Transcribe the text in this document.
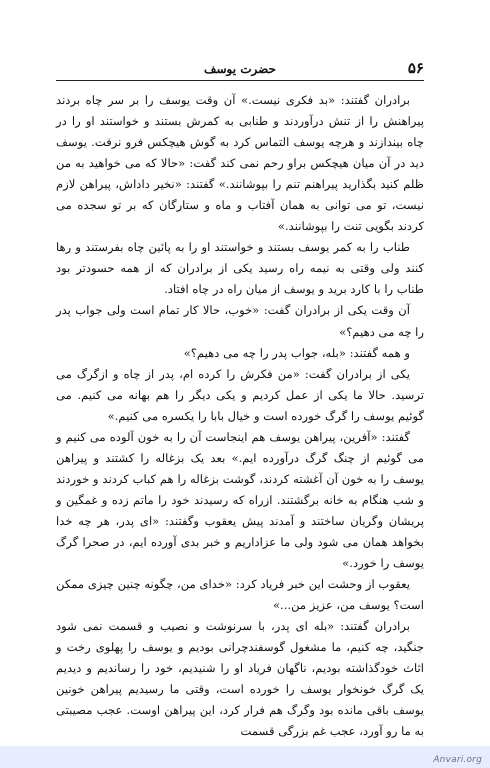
۵۶
حضرت یوسف

برادران گفتند: «بد فکری نیست.» آن وقت یوسف را بر سر چاه بردند پیراهنش را از تنش درآوردند و طنابی به کمرش بستند و خواستند او را در چاه بیندازند و هرچه یوسف التماس کرد به گوش هیچکس فرو نرفت. یوسف دید در آن میان هیچکس براو رحم نمی کند گفت: «حالا که می خواهید به من ظلم کنید بگذارید پیراهنم تنم را بپوشانند.» گفتند: «نخیر داداش، پیراهن لازم نیست، تو می توانی به همان آفتاب و ماه و ستارگان که بر تو سجده می کردند بگویی تنت را بپوشانند.»

طناب را به کمر یوسف بستند و خواستند او را به پائین چاه بفرستند و رها کنند ولی وقتی به نیمه راه رسید یکی از برادران که از همه حسودتر بود طناب را با کارد برید و یوسف از میان راه در چاه افتاد.

آن وقت یکی از برادران گفت: «خوب، حالا کار تمام است ولی جواب پدر را چه می دهیم؟»

و همه گفتند: «بله، جواب پدر را چه می دهیم؟»

یکی از برادران گفت: «من فکرش را کرده ام، پدر از چاه و ازگرگ می ترسید. حالا ما یکی از عمل کردیم و یکی دیگر را هم بهانه می کنیم. می گوئیم یوسف را گرگ خورده است و خیال بابا را یکسره می کنیم.»

گفتند: «آفرین، پیراهن یوسف هم اینجاست آن را به خون آلوده می کنیم و می گوئیم از چنگ گرگ درآورده ایم.» بعد یک بزغاله را کشتند و پیراهن یوسف را به خون آن آغشته کردند، گوشت بزغاله را هم کباب کردند و خوردند و شب هنگام به خانه برگشتند. ازراه که رسیدند خود را ماتم زده و غمگین و پریشان وگریان ساختند و آمدند پیش یعقوب وگفتند: «ای پدر، هر چه خدا بخواهد همان می شود ولی ما عزاداریم و خبر بدی آورده ایم، در صحرا گرگ یوسف را خورد.»

یعقوب از وحشت این خبر فریاد کرد: «خدای من، چگونه چنین چیزی ممکن است؟ یوسف من، عزیز من...»

برادران گفتند: «بله ای پدر، با سرنوشت و نصیب و قسمت نمی شود جنگید، چه کنیم، ما مشغول گوسفندچرانی بودیم و یوسف را پهلوی رخت و اثاث خودگذاشته بودیم، ناگهان فریاد او را شنیدیم، خود را رساندیم و دیدیم یک گرگ خونخوار یوسف را خورده است، وقتی ما رسیدیم پیراهن خونین یوسف باقی مانده بود وگرگ هم فرار کرد، این پیراهن اوست. عجب مصیبتی به ما رو آورد، عجب غم بزرگی قسمت

Anvari.org
